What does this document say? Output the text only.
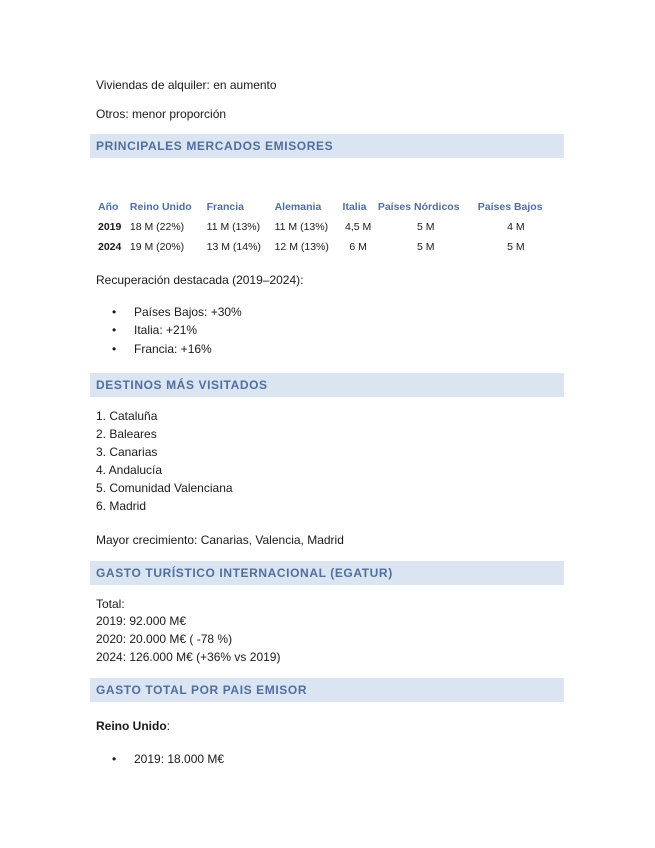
Viviendas de alquiler: en aumento
Otros: menor proporción
PRINCIPALES MERCADOS EMISORES
Año	Reino Unido	Francia	Alemania	Italia	Países Nórdicos	Países Bajos
2019	18 M (22%)	11 M (13%)	11 M (13%)	4,5 M	5 M	4 M
2024	19 M (20%)	13 M (14%)	12 M (13%)	6 M	5 M	5 M
Recuperación destacada (2019–2024):
• Países Bajos: +30%
• Italia: +21%
• Francia: +16%
DESTINOS MÁS VISITADOS
1. Cataluña
2. Baleares
3. Canarias
4. Andalucía
5. Comunidad Valenciana
6. Madrid
Mayor crecimiento: Canarias, Valencia, Madrid
GASTO TURÍSTICO INTERNACIONAL (EGATUR)
Total:
2019: 92.000 M€
2020: 20.000 M€ ( -78 %)
2024: 126.000 M€ (+36% vs 2019)
GASTO TOTAL POR PAIS EMISOR
Reino Unido:
• 2019: 18.000 M€
